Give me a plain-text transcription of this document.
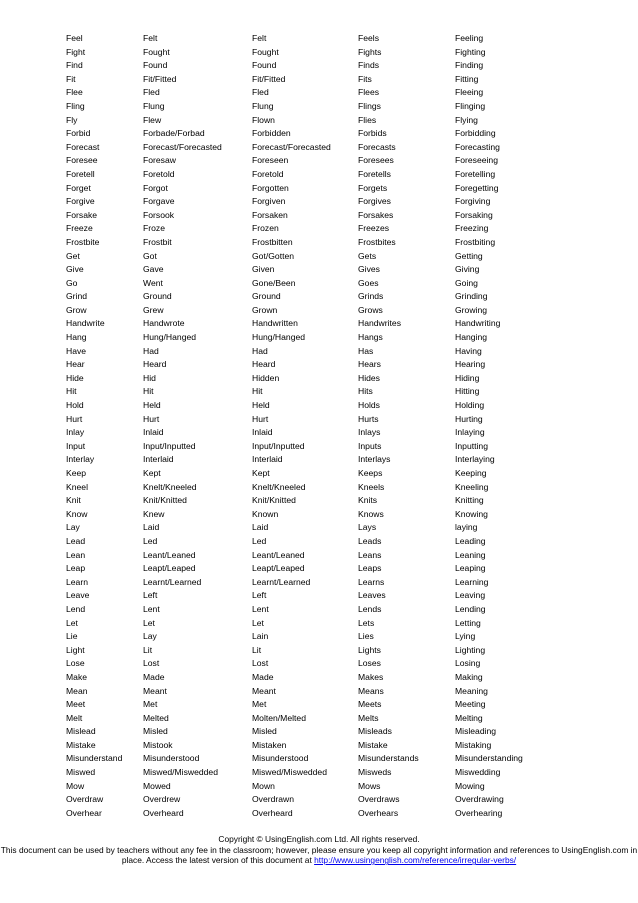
Feel	Felt	Felt	Feels	Feeling
Fight	Fought	Fought	Fights	Fighting
Find	Found	Found	Finds	Finding
Fit	Fit/Fitted	Fit/Fitted	Fits	Fitting
Flee	Fled	Fled	Flees	Fleeing
Fling	Flung	Flung	Flings	Flinging
Fly	Flew	Flown	Flies	Flying
Forbid	Forbade/Forbad	Forbidden	Forbids	Forbidding
Forecast	Forecast/Forecasted	Forecast/Forecasted	Forecasts	Forecasting
Foresee	Foresaw	Foreseen	Foresees	Foreseeing
Foretell	Foretold	Foretold	Foretells	Foretelling
Forget	Forgot	Forgotten	Forgets	Foregetting
Forgive	Forgave	Forgiven	Forgives	Forgiving
Forsake	Forsook	Forsaken	Forsakes	Forsaking
Freeze	Froze	Frozen	Freezes	Freezing
Frostbite	Frostbit	Frostbitten	Frostbites	Frostbiting
Get	Got	Got/Gotten	Gets	Getting
Give	Gave	Given	Gives	Giving
Go	Went	Gone/Been	Goes	Going
Grind	Ground	Ground	Grinds	Grinding
Grow	Grew	Grown	Grows	Growing
Handwrite	Handwrote	Handwritten	Handwrites	Handwriting
Hang	Hung/Hanged	Hung/Hanged	Hangs	Hanging
Have	Had	Had	Has	Having
Hear	Heard	Heard	Hears	Hearing
Hide	Hid	Hidden	Hides	Hiding
Hit	Hit	Hit	Hits	Hitting
Hold	Held	Held	Holds	Holding
Hurt	Hurt	Hurt	Hurts	Hurting
Inlay	Inlaid	Inlaid	Inlays	Inlaying
Input	Input/Inputted	Input/Inputted	Inputs	Inputting
Interlay	Interlaid	Interlaid	Interlays	Interlaying
Keep	Kept	Kept	Keeps	Keeping
Kneel	Knelt/Kneeled	Knelt/Kneeled	Kneels	Kneeling
Knit	Knit/Knitted	Knit/Knitted	Knits	Knitting
Know	Knew	Known	Knows	Knowing
Lay	Laid	Laid	Lays	laying
Lead	Led	Led	Leads	Leading
Lean	Leant/Leaned	Leant/Leaned	Leans	Leaning
Leap	Leapt/Leaped	Leapt/Leaped	Leaps	Leaping
Learn	Learnt/Learned	Learnt/Learned	Learns	Learning
Leave	Left	Left	Leaves	Leaving
Lend	Lent	Lent	Lends	Lending
Let	Let	Let	Lets	Letting
Lie	Lay	Lain	Lies	Lying
Light	Lit	Lit	Lights	Lighting
Lose	Lost	Lost	Loses	Losing
Make	Made	Made	Makes	Making
Mean	Meant	Meant	Means	Meaning
Meet	Met	Met	Meets	Meeting
Melt	Melted	Molten/Melted	Melts	Melting
Mislead	Misled	Misled	Misleads	Misleading
Mistake	Mistook	Mistaken	Mistake	Mistaking
Misunderstand	Misunderstood	Misunderstood	Misunderstands	Misunderstanding
Miswed	Miswed/Miswedded	Miswed/Miswedded	Misweds	Miswedding
Mow	Mowed	Mown	Mows	Mowing
Overdraw	Overdrew	Overdrawn	Overdraws	Overdrawing
Overhear	Overheard	Overheard	Overhears	Overhearing
Copyright © UsingEnglish.com Ltd. All rights reserved.
This document can be used by teachers without any fee in the classroom; however, please ensure you keep all copyright information and references to UsingEnglish.com in place. Access the latest version of this document at http://www.usingenglish.com/reference/irregular-verbs/
